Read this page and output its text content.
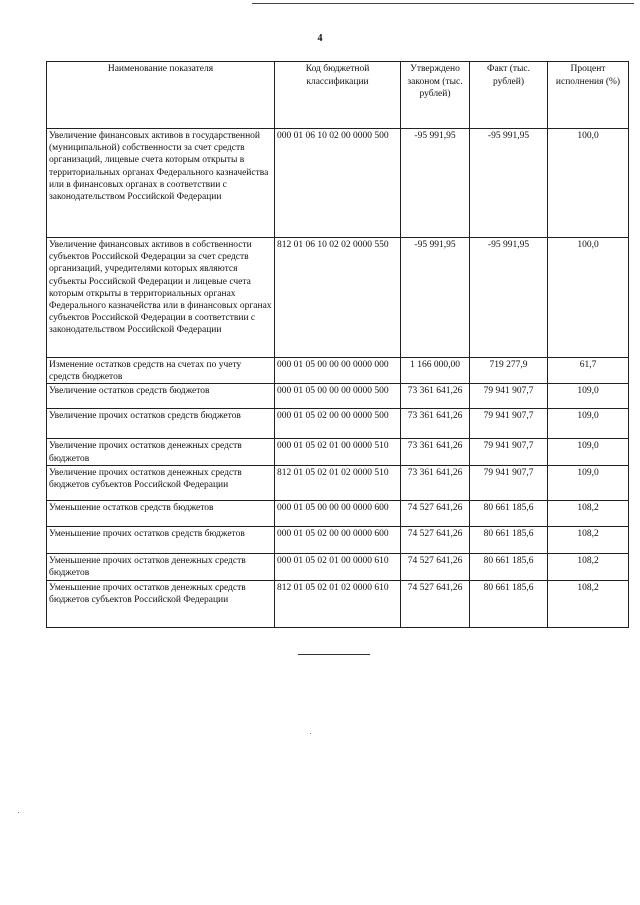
4
Наименование показателя	Код бюджетной классификации	Утверждено законом (тыс. рублей)	Факт (тыс. рублей)	Процент исполнения (%)
Увеличение финансовых активов в государственной (муниципальной) собственности за счет средств организаций, лицевые счета которым открыты в территориальных органах Федерального казначейства или в финансовых органах в соответствии с законодательством Российской Федерации	000 01 06 10 02 00 0000 500	-95 991,95	-95 991,95	100,0
Увеличение финансовых активов в собственности субъектов Российской Федерации за счет средств организаций, учредителями которых являются субъекты Российской Федерации и лицевые счета которым открыты в территориальных органах Федерального казначейства или в финансовых органах субъектов Российской Федерации в соответствии с законодательством Российской Федерации	812 01 06 10 02 02 0000 550	-95 991,95	-95 991,95	100,0
Изменение остатков средств на счетах по учету средств бюджетов	000 01 05 00 00 00 0000 000	1 166 000,00	719 277,9	61,7
Увеличение остатков средств бюджетов	000 01 05 00 00 00 0000 500	73 361 641,26	79 941 907,7	109,0
Увеличение прочих остатков средств бюджетов	000 01 05 02 00 00 0000 500	73 361 641,26	79 941 907,7	109,0
Увеличение прочих остатков денежных средств бюджетов	000 01 05 02 01 00 0000 510	73 361 641,26	79 941 907,7	109,0
Увеличение прочих остатков денежных средств бюджетов субъектов Российской Федерации	812 01 05 02 01 02 0000 510	73 361 641,26	79 941 907,7	109,0
Уменьшение остатков средств бюджетов	000 01 05 00 00 00 0000 600	74 527 641,26	80 661 185,6	108,2
Уменьшение прочих остатков средств бюджетов	000 01 05 02 00 00 0000 600	74 527 641,26	80 661 185,6	108,2
Уменьшение прочих остатков денежных средств бюджетов	000 01 05 02 01 00 0000 610	74 527 641,26	80 661 185,6	108,2
Уменьшение прочих остатков денежных средств бюджетов субъектов Российской Федерации	812 01 05 02 01 02 0000 610	74 527 641,26	80 661 185,6	108,2
